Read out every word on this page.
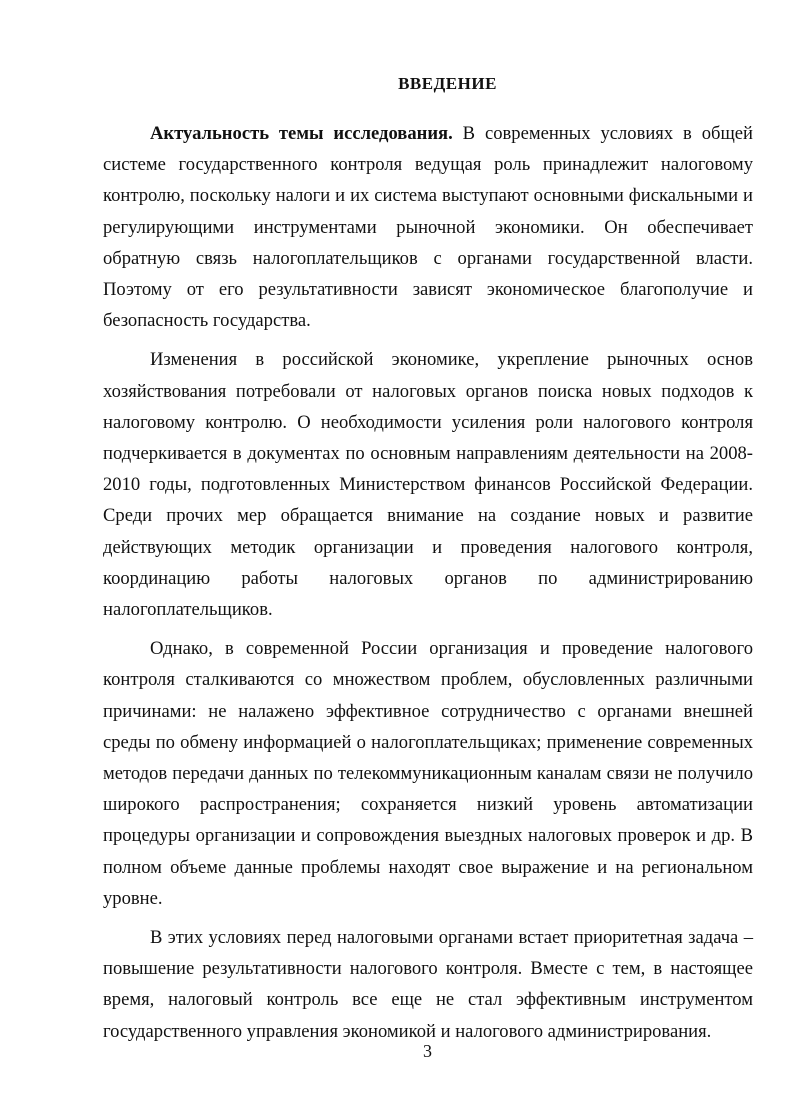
ВВЕДЕНИЕ

Актуальность темы исследования. В современных условиях в общей системе государственного контроля ведущая роль принадлежит налоговому контролю, поскольку налоги и их система выступают основными фискальными и регулирующими инструментами рыночной экономики. Он обеспечивает обратную связь налогоплательщиков с органами государственной власти. Поэтому от его результативности зависят экономическое благополучие и безопасность государства.

Изменения в российской экономике, укрепление рыночных основ хозяйствования потребовали от налоговых органов поиска новых подходов к налоговому контролю. О необходимости усиления роли налогового контроля подчеркивается в документах по основным направлениям деятельности на 2008-2010 годы, подготовленных Министерством финансов Российской Федерации. Среди прочих мер обращается внимание на создание новых и развитие действующих методик организации и проведения налогового контроля, координацию работы налоговых органов по администрированию налогоплательщиков.

Однако, в современной России организация и проведение налогового контроля сталкиваются со множеством проблем, обусловленных различными причинами: не налажено эффективное сотрудничество с органами внешней среды по обмену информацией о налогоплательщиках; применение современных методов передачи данных по телекоммуникационным каналам связи не получило широкого распространения; сохраняется низкий уровень автоматизации процедуры организации и сопровождения выездных налоговых проверок и др. В полном объеме данные проблемы находят свое выражение и на региональном уровне.

В этих условиях перед налоговыми органами встает приоритетная задача – повышение результативности налогового контроля. Вместе с тем, в настоящее время, налоговый контроль все еще не стал эффективным инструментом государственного управления экономикой и налогового администрирования.

3
